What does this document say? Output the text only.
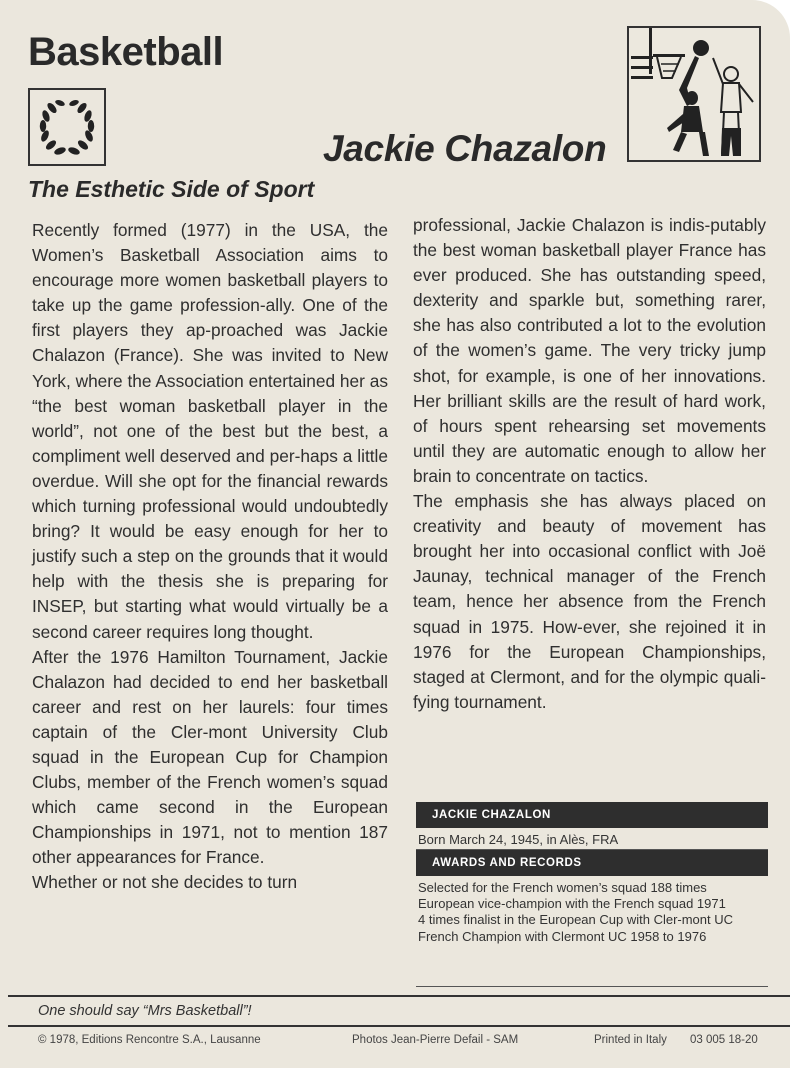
Basketball
Jackie Chazalon
The Esthetic Side of Sport

Recently formed (1977) in the USA, the Women’s Basketball Association aims to encourage more women basketball players to take up the game profession-ally. One of the first players they ap-proached was Jackie Chalazon (France). She was invited to New York, where the Association entertained her as “the best woman basketball player in the world”, not one of the best but the best, a compliment well deserved and per-haps a little overdue. Will she opt for the financial rewards which turning professional would undoubtedly bring? It would be easy enough for her to justify such a step on the grounds that it would help with the thesis she is preparing for INSEP, but starting what would virtually be a second career requires long thought.

After the 1976 Hamilton Tournament, Jackie Chalazon had decided to end her basketball career and rest on her laurels: four times captain of the Cler-mont University Club squad in the European Cup for Champion Clubs, member of the French women’s squad which came second in the European Championships in 1971, not to mention 187 other appearances for France.

Whether or not she decides to turn

professional, Jackie Chalazon is indis-putably the best woman basketball player France has ever produced. She has outstanding speed, dexterity and sparkle but, something rarer, she has also contributed a lot to the evolution of the women’s game. The very tricky jump shot, for example, is one of her innovations. Her brilliant skills are the result of hard work, of hours spent rehearsing set movements until they are automatic enough to allow her brain to concentrate on tactics.

The emphasis she has always placed on creativity and beauty of movement has brought her into occasional conflict with Joë Jaunay, technical manager of the French team, hence her absence from the French squad in 1975. How-ever, she rejoined it in 1976 for the European Championships, staged at Clermont, and for the olympic quali-fying tournament.

JACKIE CHAZALON
Born March 24, 1945, in Alès, FRA
AWARDS AND RECORDS
Selected for the French women’s squad 188 times
European vice-champion with the French squad 1971
4 times finalist in the European Cup with Cler-mont UC
French Champion with Clermont UC 1958 to 1976
One should say “Mrs Basketball”!
© 1978, Editions Rencontre S.A., Lausanne	Photos Jean-Pierre Defail - SAM	Printed in Italy 03 005 18-20
